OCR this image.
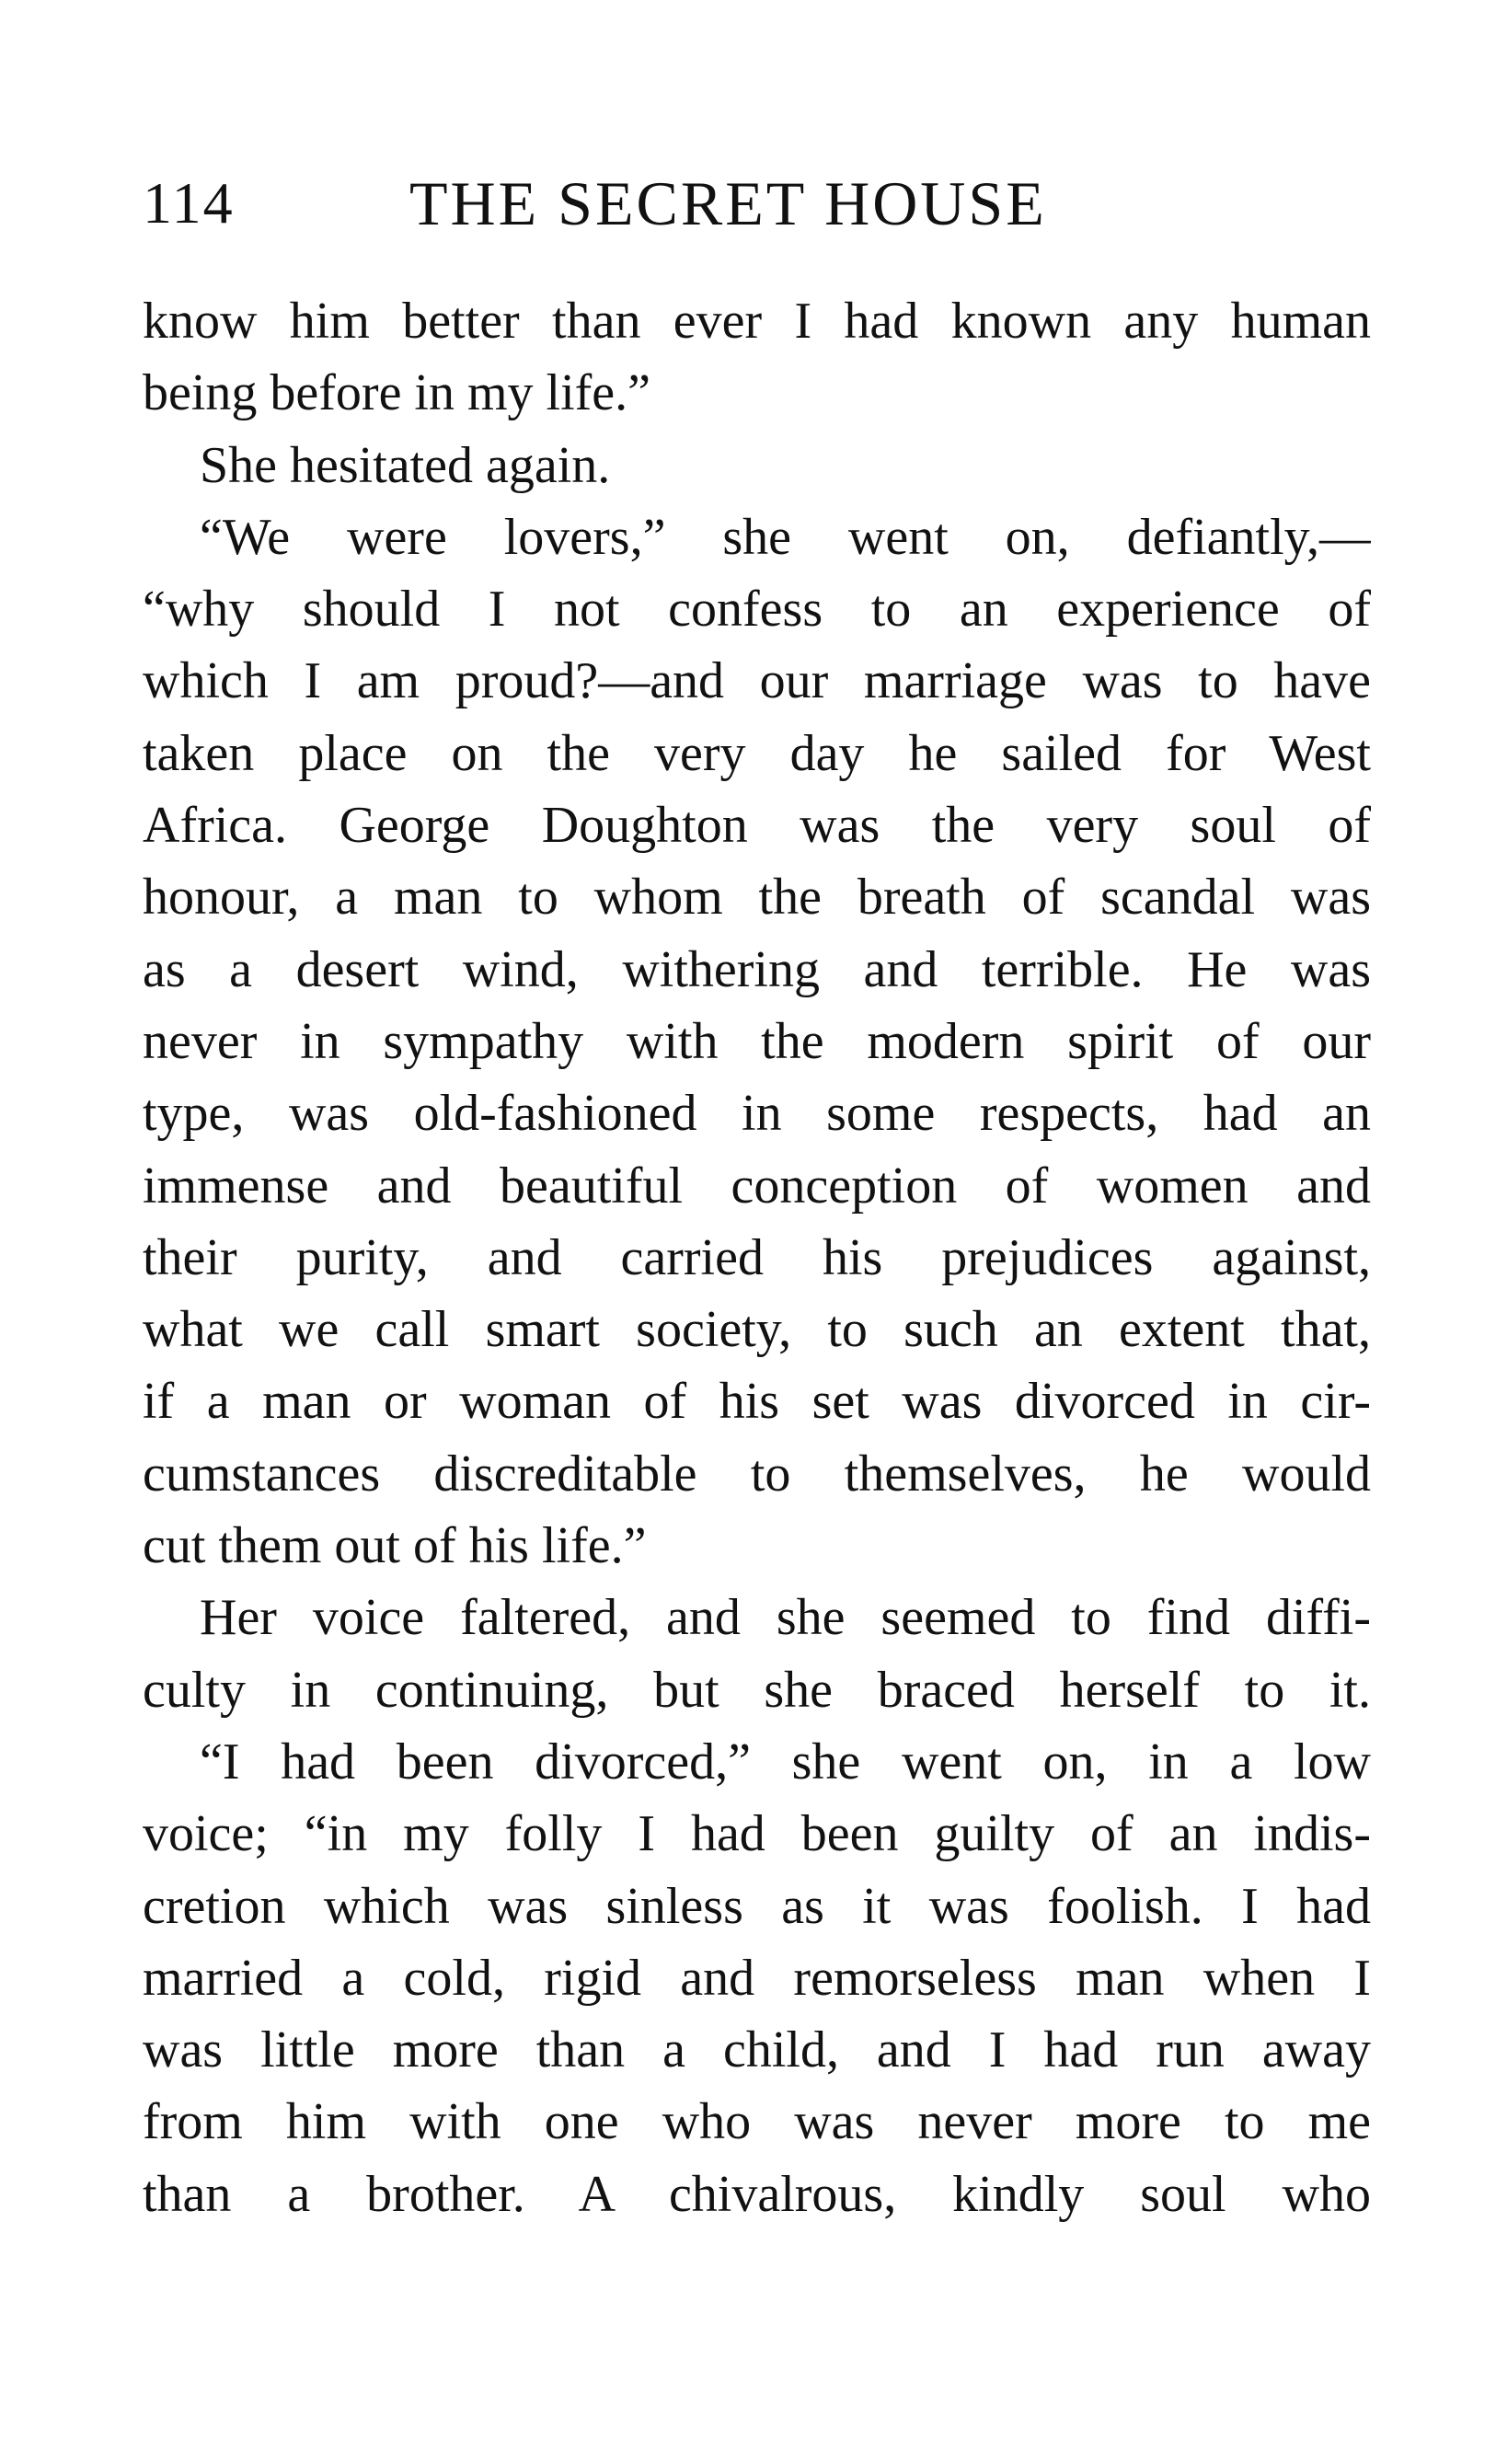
114	THE SECRET HOUSE
know him better than ever I had known any human
being before in my life.”
She hesitated again.
“We were lovers,” she went on, defiantly,—
“why should I not confess to an experience of
which I am proud?—and our marriage was to have
taken place on the very day he sailed for West
Africa. George Doughton was the very soul of
honour, a man to whom the breath of scandal was
as a desert wind, withering and terrible. He was
never in sympathy with the modern spirit of our
type, was old-fashioned in some respects, had an
immense and beautiful conception of women and
their purity, and carried his prejudices against,
what we call smart society, to such an extent that,
if a man or woman of his set was divorced in cir-
cumstances discreditable to themselves, he would
cut them out of his life.”
Her voice faltered, and she seemed to find diffi-
culty in continuing, but she braced herself to it.
“I had been divorced,” she went on, in a low
voice; “in my folly I had been guilty of an indis-
cretion which was sinless as it was foolish. I had
married a cold, rigid and remorseless man when I
was little more than a child, and I had run away
from him with one who was never more to me
than a brother. A chivalrous, kindly soul who
